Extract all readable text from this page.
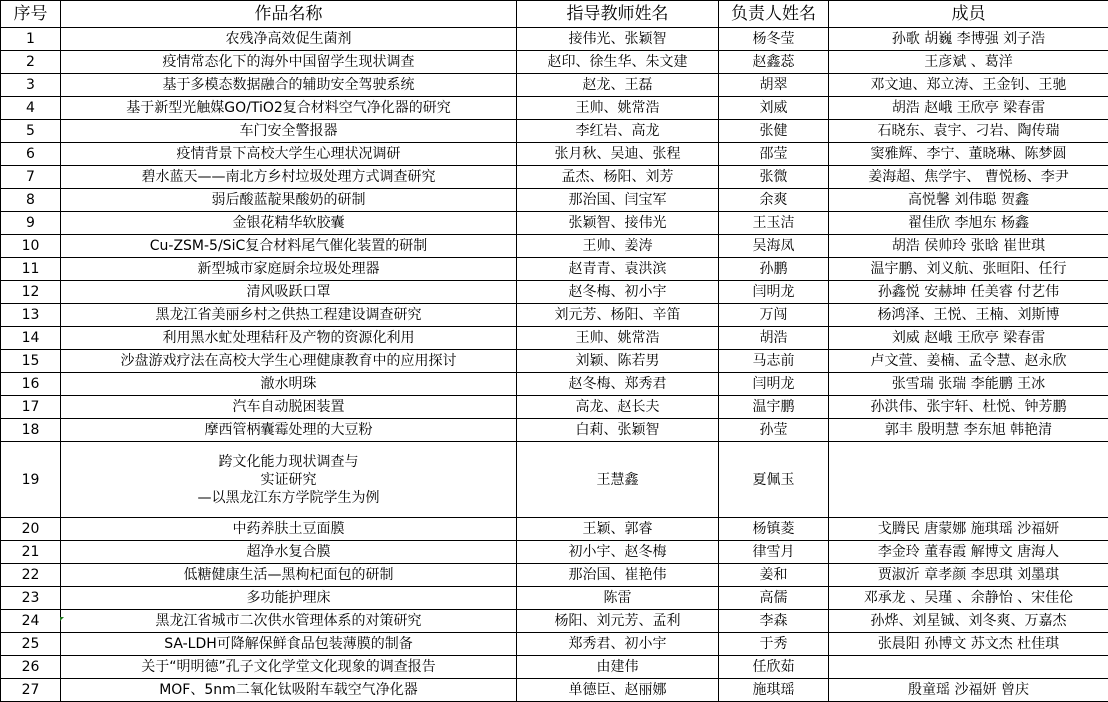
序号	作品名称	指导教师姓名	负责人姓名	成员
1	农残净高效促生菌剂	接伟光、张颖智	杨冬莹	孙歌 胡巍 李博强 刘子浩
2	疫情常态化下的海外中国留学生现状调查	赵印、徐生华、朱文建	赵鑫蕊	王彦斌 、葛洋
3	基于多模态数据融合的辅助安全驾驶系统	赵龙、王磊	胡翠	邓文迪、郑立涛、王金钊、王驰
4	基于新型光触媒GO/TiO2复合材料空气净化器的研究	王帅、姚常浩	刘威	胡浩 赵峨 王欣亭 梁春雷
5	车门安全警报器	李红岩、高龙	张健	石晓东、袁宇、刁岩、陶传瑞
6	疫情背景下高校大学生心理状况调研	张月秋、吴迪、张程	邵莹	窦雅辉、李宁、董晓琳、陈梦圆
7	碧水蓝天——南北方乡村垃圾处理方式调查研究	孟杰、杨阳、刘芳	张微	姜海超、焦学宇、 曹悦杨、李尹
8	弱后酸蓝靛果酸奶的研制	那治国、闫宝军	余爽	高悦馨 刘伟聪 贺鑫
9	金银花精华软胶囊	张颖智、接伟光	王玉洁	翟佳欣 李旭东 杨鑫
10	Cu-ZSM-5/SiC复合材料尾气催化装置的研制	王帅、姜涛	吴海凤	胡浩 侯帅玲 张晗 崔世琪
11	新型城市家庭厨余垃圾处理器	赵青青、袁洪滨	孙鹏	温宇鹏、刘义航、张晅阳、任行
12	清风吸跃口罩	赵冬梅、初小宇	闫明龙	孙鑫悦 安赫坤 任美睿 付艺伟
13	黑龙江省美丽乡村之供热工程建设调查研究	刘元芳、杨阳、辛笛	万闯	杨鸿泽、王悦、王楠、刘斯博
14	利用黑水虻处理秸秆及产物的资源化利用	王帅、姚常浩	胡浩	刘威 赵峨 王欣亭 梁春雷
15	沙盘游戏疗法在高校大学生心理健康教育中的应用探讨	刘颖、陈若男	马志前	卢文萱、姜楠、孟令慧、赵永欣
16	澈水明珠	赵冬梅、郑秀君	闫明龙	张雪瑞 张瑞 李能鹏 王冰
17	汽车自动脱困装置	高龙、赵长夫	温宇鹏	孙洪伟、张宇轩、杜悦、钟芳鹏
18	摩西管柄囊霉处理的大豆粉	白莉、张颖智	孙莹	郭丰 殷明慧 李东旭 韩艳清
19	跨文化能力现状调查与
实证研究
—以黑龙江东方学院学生为例	王慧鑫	夏佩玉	
20	中药养肤土豆面膜	王颖、郭睿	杨镇菱	戈腾民 唐蒙娜 施琪瑶 沙福妍
21	超净水复合膜	初小宇、赵冬梅	律雪月	李金玲 董春霞 解博文 唐海人
22	低糖健康生活—黑枸杞面包的研制	那治国、崔艳伟	姜和	贾淑沂 章孝颜 李思琪 刘墨琪
23	多功能护理床	陈雷	高儒	邓承龙 、吴瑾 、余静怡 、宋佳伦
24	黑龙江省城市二次供水管理体系的对策研究	杨阳、刘元芳、孟利	李森	孙烨、刘星铖、刘冬爽、万嘉杰
25	SA-LDH可降解保鲜食品包装薄膜的制备	郑秀君、初小宇	于秀	张晨阳 孙博文 苏文杰 杜佳琪
26	关于“明明德”孔子文化学堂文化现象的调查报告	由建伟	任欣茹	
27	MOF、5nm二氧化钛吸附车载空气净化器	单德臣、赵丽娜	施琪瑶	殷童瑶 沙福妍 曾庆
